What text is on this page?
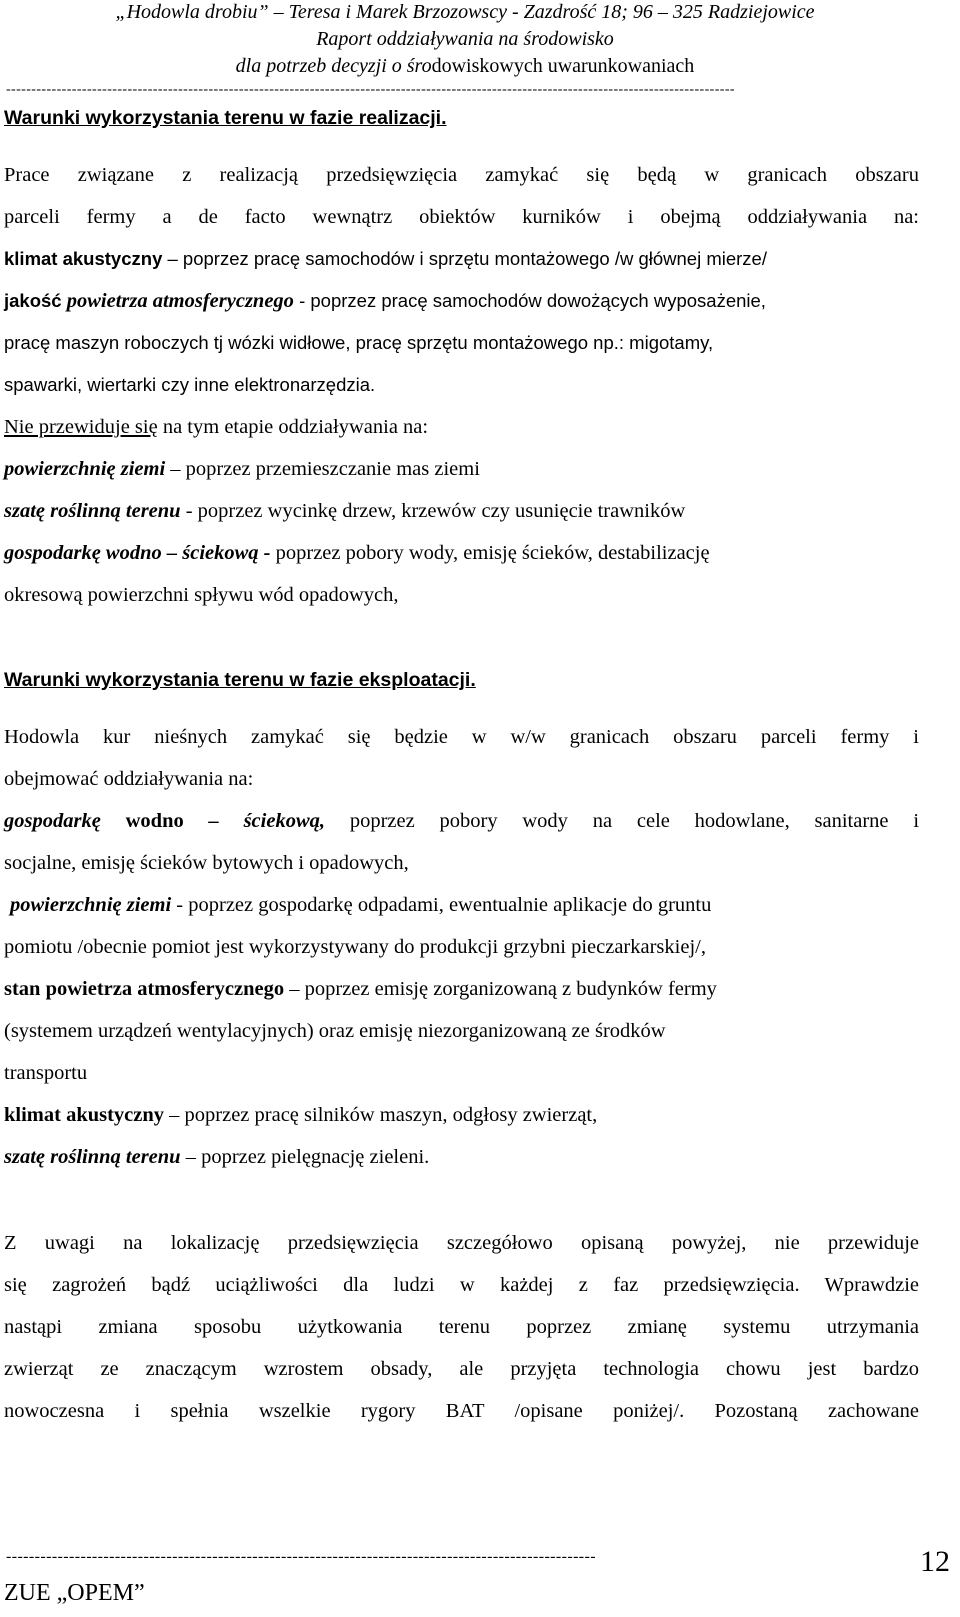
„Hodowla drobiu” – Teresa i Marek Brzozowscy - Zazdrość 18; 96 – 325 Radziejowice
Raport oddziaływania na środowisko
dla potrzeb decyzji o środowiskowych uwarunkowaniach
------------------------------------------------------------------------------------------------------------------------------------------------
Warunki wykorzystania terenu w fazie realizacji.
Prace związane z realizacją przedsięwzięcia zamykać się będą w granicach obszaru
parceli fermy a de facto wewnątrz obiektów kurników i obejmą oddziaływania na:
klimat akustyczny – poprzez pracę samochodów i sprzętu montażowego /w głównej mierze/
jakość powietrza atmosferycznego - poprzez pracę samochodów dowożących wyposażenie,
pracę maszyn roboczych tj wózki widłowe, pracę sprzętu montażowego np.: migotamy,
spawarki, wiertarki czy inne elektronarzędzia.
Nie przewiduje się na tym etapie oddziaływania na:
powierzchnię ziemi – poprzez przemieszczanie mas ziemi
szatę roślinną terenu - poprzez wycinkę drzew, krzewów czy usunięcie trawników
gospodarkę wodno – ściekową - poprzez pobory wody, emisję ścieków, destabilizację
okresową powierzchni spływu wód opadowych,
Warunki wykorzystania terenu w fazie eksploatacji.
Hodowla kur nieśnych zamykać się będzie w w/w granicach obszaru parceli fermy i
obejmować oddziaływania na:
gospodarkę wodno – ściekową, poprzez pobory wody na cele hodowlane, sanitarne i
socjalne, emisję ścieków bytowych i opadowych,
powierzchnię ziemi - poprzez gospodarkę odpadami, ewentualnie aplikacje do gruntu
pomiotu /obecnie pomiot jest wykorzystywany do produkcji grzybni pieczarkarskiej/,
stan powietrza atmosferycznego – poprzez emisję zorganizowaną z budynków fermy
(systemem urządzeń wentylacyjnych) oraz emisję niezorganizowaną ze środków
transportu
klimat akustyczny – poprzez pracę silników maszyn, odgłosy zwierząt,
szatę roślinną terenu – poprzez pielęgnację zieleni.
Z uwagi na lokalizację przedsięwzięcia szczegółowo opisaną powyżej, nie przewiduje
się zagrożeń bądź uciążliwości dla ludzi w każdej z faz przedsięwzięcia. Wprawdzie
nastąpi zmiana sposobu użytkowania terenu poprzez zmianę systemu utrzymania
zwierząt ze znaczącym wzrostem obsady, ale przyjęta technologia chowu jest bardzo
nowoczesna i spełnia wszelkie rygory BAT /opisane poniżej/. Pozostaną zachowane
-------------------------------------------------------------------------------------------------------
ZUE „OPEM”
12
